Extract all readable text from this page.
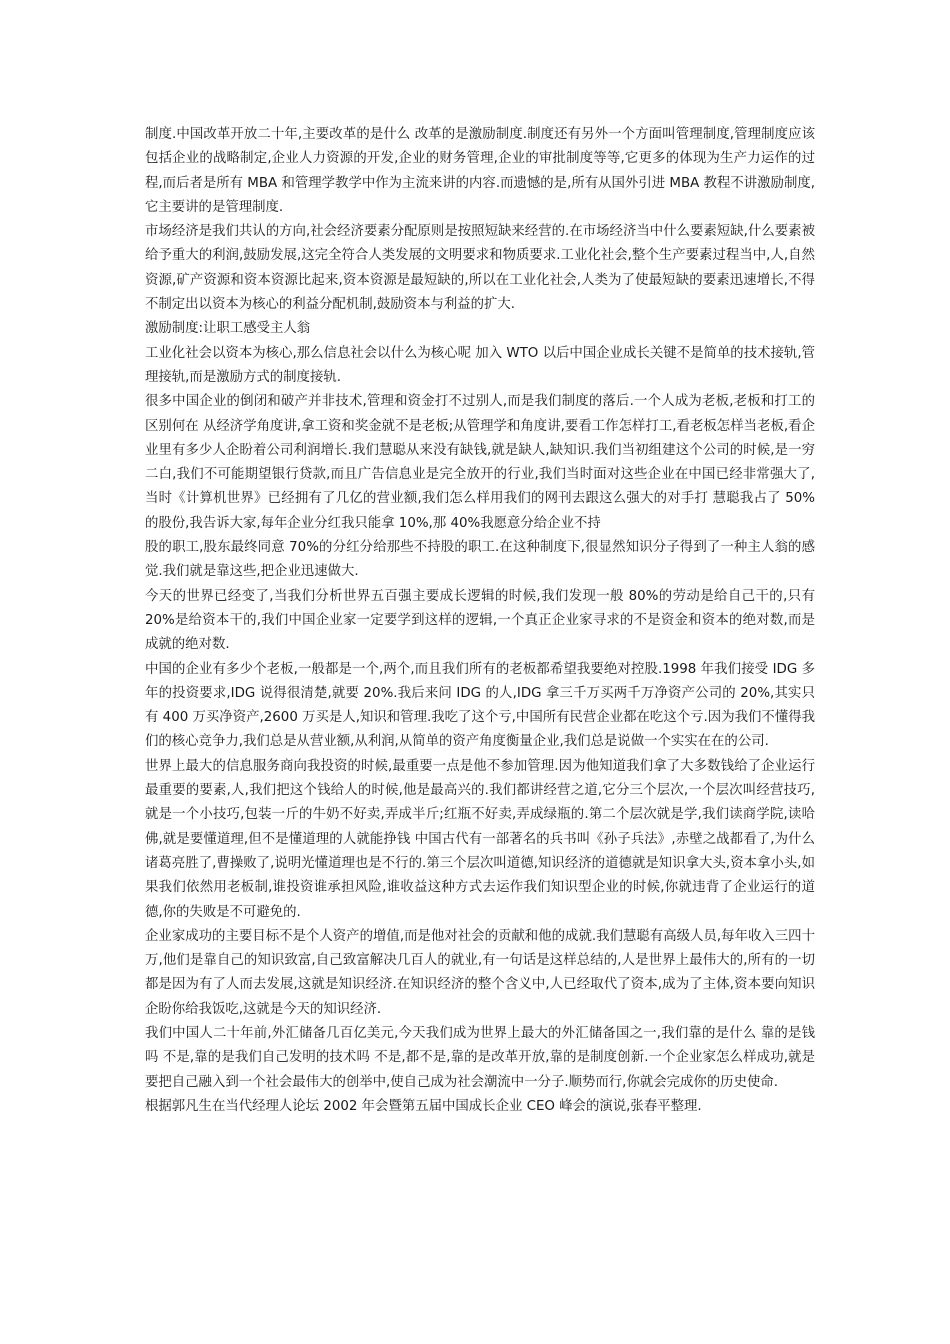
制度.中国改革开放二十年,主要改革的是什么 改革的是激励制度.制度还有另外一个方面叫管理制度,管理制度应该包括企业的战略制定,企业人力资源的开发,企业的财务管理,企业的审批制度等等,它更多的体现为生产力运作的过程,而后者是所有 MBA 和管理学教学中作为主流来讲的内容.而遗憾的是,所有从国外引进 MBA 教程不讲激励制度,它主要讲的是管理制度.

市场经济是我们共认的方向,社会经济要素分配原则是按照短缺来经营的.在市场经济当中什么要素短缺,什么要素被给予重大的利润,鼓励发展,这完全符合人类发展的文明要求和物质要求.工业化社会,整个生产要素过程当中,人,自然资源,矿产资源和资本资源比起来,资本资源是最短缺的,所以在工业化社会,人类为了使最短缺的要素迅速增长,不得不制定出以资本为核心的利益分配机制,鼓励资本与利益的扩大.

激励制度:让职工感受主人翁

工业化社会以资本为核心,那么信息社会以什么为核心呢 加入 WTO 以后中国企业成长关键不是简单的技术接轨,管理接轨,而是激励方式的制度接轨.

很多中国企业的倒闭和破产并非技术,管理和资金打不过别人,而是我们制度的落后.一个人成为老板,老板和打工的区别何在 从经济学角度讲,拿工资和奖金就不是老板;从管理学和角度讲,要看工作怎样打工,看老板怎样当老板,看企业里有多少人企盼着公司利润增长.我们慧聪从来没有缺钱,就是缺人,缺知识.我们当初组建这个公司的时候,是一穷二白,我们不可能期望银行贷款,而且广告信息业是完全放开的行业,我们当时面对这些企业在中国已经非常强大了,当时《计算机世界》已经拥有了几亿的营业额,我们怎么样用我们的网刊去跟这么强大的对手打 慧聪我占了 50%的股份,我告诉大家,每年企业分红我只能拿 10%,那 40%我愿意分给企业不持

股的职工,股东最终同意 70%的分红分给那些不持股的职工.在这种制度下,很显然知识分子得到了一种主人翁的感觉.我们就是靠这些,把企业迅速做大.

今天的世界已经变了,当我们分析世界五百强主要成长逻辑的时候,我们发现一般 80%的劳动是给自己干的,只有 20%是给资本干的,我们中国企业家一定要学到这样的逻辑,一个真正企业家寻求的不是资金和资本的绝对数,而是成就的绝对数.

中国的企业有多少个老板,一般都是一个,两个,而且我们所有的老板都希望我要绝对控股.1998 年我们接受 IDG 多年的投资要求,IDG 说得很清楚,就要 20%.我后来问 IDG 的人,IDG 拿三千万买两千万净资产公司的 20%,其实只有 400 万买净资产,2600 万买是人,知识和管理.我吃了这个亏,中国所有民营企业都在吃这个亏.因为我们不懂得我们的核心竞争力,我们总是从营业额,从利润,从简单的资产角度衡量企业,我们总是说做一个实实在在的公司.

世界上最大的信息服务商向我投资的时候,最重要一点是他不参加管理.因为他知道我们拿了大多数钱给了企业运行最重要的要素,人,我们把这个钱给人的时候,他是最高兴的.我们都讲经营之道,它分三个层次,一个层次叫经营技巧,就是一个小技巧,包装一斤的牛奶不好卖,弄成半斤;红瓶不好卖,弄成绿瓶的.第二个层次就是学,我们读商学院,读哈佛,就是要懂道理,但不是懂道理的人就能挣钱 中国古代有一部著名的兵书叫《孙子兵法》,赤壁之战都看了,为什么诸葛亮胜了,曹操败了,说明光懂道理也是不行的.第三个层次叫道德,知识经济的道德就是知识拿大头,资本拿小头,如果我们依然用老板制,谁投资谁承担风险,谁收益这种方式去运作我们知识型企业的时候,你就违背了企业运行的道德,你的失败是不可避免的.

企业家成功的主要目标不是个人资产的增值,而是他对社会的贡献和他的成就.我们慧聪有高级人员,每年收入三四十万,他们是靠自己的知识致富,自己致富解决几百人的就业,有一句话是这样总结的,人是世界上最伟大的,所有的一切都是因为有了人而去发展,这就是知识经济.在知识经济的整个含义中,人已经取代了资本,成为了主体,资本要向知识企盼你给我饭吃,这就是今天的知识经济.

我们中国人二十年前,外汇储备几百亿美元,今天我们成为世界上最大的外汇储备国之一,我们靠的是什么 靠的是钱吗 不是,靠的是我们自己发明的技术吗 不是,都不是,靠的是改革开放,靠的是制度创新.一个企业家怎么样成功,就是要把自己融入到一个社会最伟大的创举中,使自己成为社会潮流中一分子.顺势而行,你就会完成你的历史使命.

根据郭凡生在当代经理人论坛 2002 年会暨第五届中国成长企业 CEO 峰会的演说,张春平整理.
